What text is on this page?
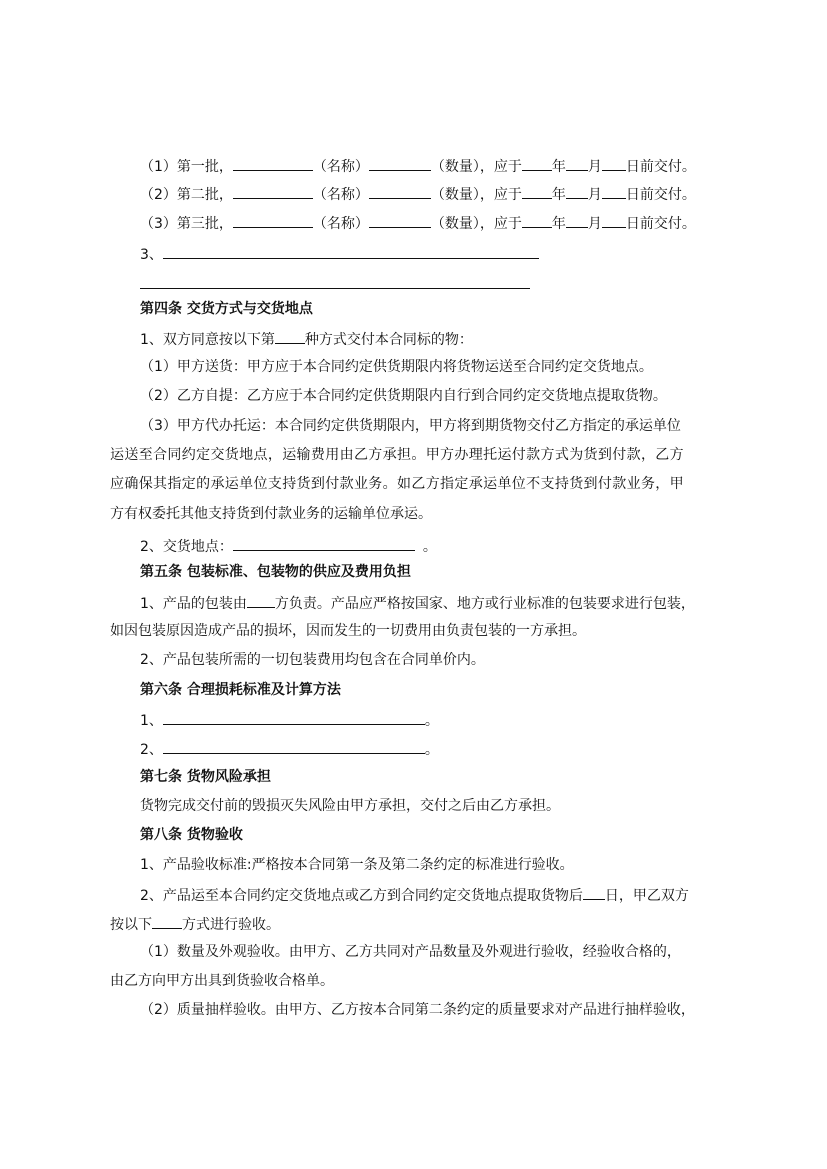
（1）第一批，	（名称）	（数量），应于 年 月 日前交付。
（2）第二批，	（名称）	（数量），应于 年 月 日前交付。
（3）第三批，	（名称）	（数量），应于 年 月 日前交付。
3、
第四条 交货方式与交货地点
1、双方同意按以下第 种方式交付本合同标的物：
（1）甲方送货：甲方应于本合同约定供货期限内将货物运送至合同约定交货地点。
（2）乙方自提：乙方应于本合同约定供货期限内自行到合同约定交货地点提取货物。
（3）甲方代办托运：本合同约定供货期限内，甲方将到期货物交付乙方指定的承运单位
运送至合同约定交货地点，运输费用由乙方承担。甲方办理托运付款方式为货到付款，乙方
应确保其指定的承运单位支持货到付款业务。如乙方指定承运单位不支持货到付款业务，甲
方有权委托其他支持货到付款业务的运输单位承运。
2、交货地点：	。
第五条 包装标准、包装物的供应及费用负担
1、产品的包装由 方负责。产品应严格按国家、地方或行业标准的包装要求进行包装，
如因包装原因造成产品的损坏，因而发生的一切费用由负责包装的一方承担。
2、产品包装所需的一切包装费用均包含在合同单价内。
第六条 合理损耗标准及计算方法
1、	。
2、	。
第七条 货物风险承担
货物完成交付前的毁损灭失风险由甲方承担，交付之后由乙方承担。
第八条 货物验收
1、产品验收标准:严格按本合同第一条及第二条约定的标准进行验收。
2、产品运至本合同约定交货地点或乙方到合同约定交货地点提取货物后 日，甲乙双方
按以下 方式进行验收。
（1）数量及外观验收。由甲方、乙方共同对产品数量及外观进行验收，经验收合格的，
由乙方向甲方出具到货验收合格单。
（2）质量抽样验收。由甲方、乙方按本合同第二条约定的质量要求对产品进行抽样验收，
